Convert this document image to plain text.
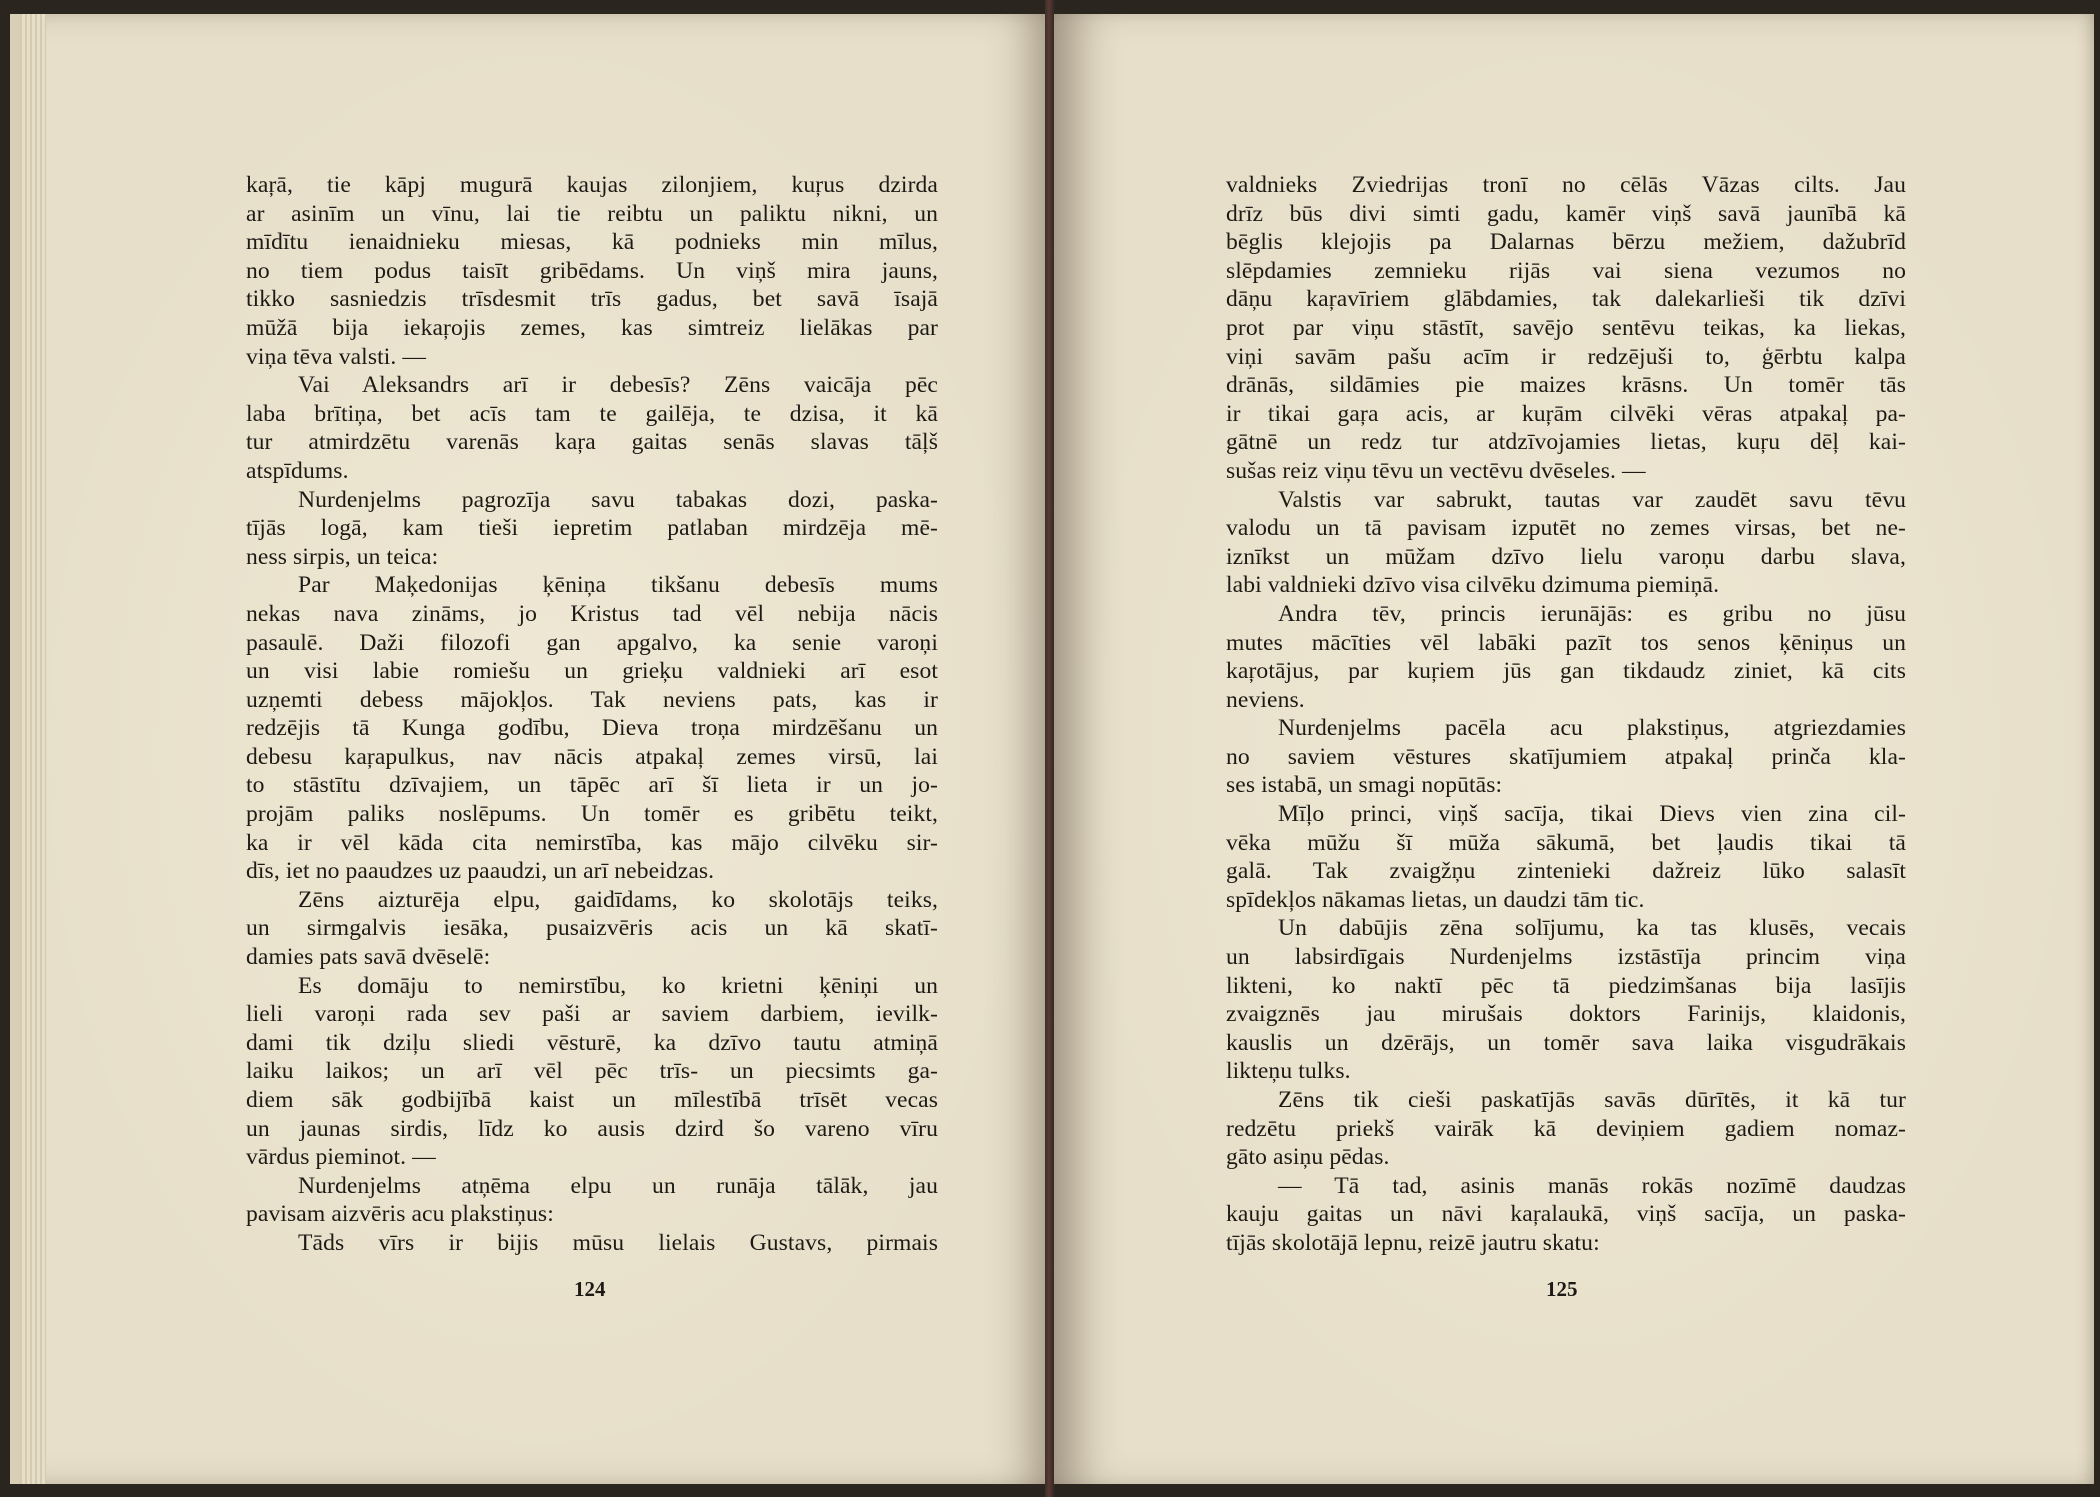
kaŗā, tie kāpj mugurā kaujas zilonjiem, kuŗus dzirda
ar asinīm un vīnu, lai tie reibtu un paliktu nikni, un
mīdītu ienaidnieku miesas, kā podnieks min mīlus,
no tiem podus taisīt gribēdams. Un viņš mira jauns,
tikko sasniedzis trīsdesmit trīs gadus, bet savā īsajā
mūžā bija iekaŗojis zemes, kas simtreiz lielākas par
viņa tēva valsti. —
Vai Aleksandrs arī ir debesīs? Zēns vaicāja pēc
laba brītiņa, bet acīs tam te gailēja, te dzisa, it kā
tur atmirdzētu varenās kaŗa gaitas senās slavas tāļš
atspīdums.
Nurdenjelms pagrozīja savu tabakas dozi, paska-
tījās logā, kam tieši iepretim patlaban mirdzēja mē-
ness sirpis, un teica:
Par Maķedonijas ķēniņa tikšanu debesīs mums
nekas nava zināms, jo Kristus tad vēl nebija nācis
pasaulē. Daži filozofi gan apgalvo, ka senie varoņi
un visi labie romiešu un grieķu valdnieki arī esot
uzņemti debess mājokļos. Tak neviens pats, kas ir
redzējis tā Kunga godību, Dieva troņa mirdzēšanu un
debesu kaŗapulkus, nav nācis atpakaļ zemes virsū, lai
to stāstītu dzīvajiem, un tāpēc arī šī lieta ir un jo-
projām paliks noslēpums. Un tomēr es gribētu teikt,
ka ir vēl kāda cita nemirstība, kas mājo cilvēku sir-
dīs, iet no paaudzes uz paaudzi, un arī nebeidzas.
Zēns aizturēja elpu, gaidīdams, ko skolotājs teiks,
un sirmgalvis iesāka, pusaizvēris acis un kā skatī-
damies pats savā dvēselē:
Es domāju to nemirstību, ko krietni ķēniņi un
lieli varoņi rada sev paši ar saviem darbiem, ievilk-
dami tik dziļu sliedi vēsturē, ka dzīvo tautu atmiņā
laiku laikos; un arī vēl pēc trīs- un piecsimts ga-
diem sāk godbijībā kaist un mīlestībā trīsēt vecas
un jaunas sirdis, līdz ko ausis dzird šo vareno vīru
vārdus pieminot. —
Nurdenjelms atņēma elpu un runāja tālāk, jau
pavisam aizvēris acu plakstiņus:
Tāds vīrs ir bijis mūsu lielais Gustavs, pirmais
124
valdnieks Zviedrijas tronī no cēlās Vāzas cilts. Jau
drīz būs divi simti gadu, kamēr viņš savā jaunībā kā
bēglis klejojis pa Dalarnas bērzu mežiem, dažubrīd
slēpdamies zemnieku rijās vai siena vezumos no
dāņu kaŗavīriem glābdamies, tak dalekarlieši tik dzīvi
prot par viņu stāstīt, savējo sentēvu teikas, ka liekas,
viņi savām pašu acīm ir redzējuši to, ģērbtu kalpa
drānās, sildāmies pie maizes krāsns. Un tomēr tās
ir tikai gaŗa acis, ar kuŗām cilvēki vēras atpakaļ pa-
gātnē un redz tur atdzīvojamies lietas, kuŗu dēļ kai-
sušas reiz viņu tēvu un vectēvu dvēseles. —
Valstis var sabrukt, tautas var zaudēt savu tēvu
valodu un tā pavisam izputēt no zemes virsas, bet ne-
iznīkst un mūžam dzīvo lielu varoņu darbu slava,
labi valdnieki dzīvo visa cilvēku dzimuma piemiņā.
Andra tēv, princis ierunājās: es gribu no jūsu
mutes mācīties vēl labāki pazīt tos senos ķēniņus un
kaŗotājus, par kuŗiem jūs gan tikdaudz ziniet, kā cits
neviens.
Nurdenjelms pacēla acu plakstiņus, atgriezdamies
no saviem vēstures skatījumiem atpakaļ prinča kla-
ses istabā, un smagi nopūtās:
Mīļo princi, viņš sacīja, tikai Dievs vien zina cil-
vēka mūžu šī mūža sākumā, bet ļaudis tikai tā
galā. Tak zvaigžņu zintenieki dažreiz lūko salasīt
spīdekļos nākamas lietas, un daudzi tām tic.
Un dabūjis zēna solījumu, ka tas klusēs, vecais
un labsirdīgais Nurdenjelms izstāstīja princim viņa
likteni, ko naktī pēc tā piedzimšanas bija lasījis
zvaigznēs jau mirušais doktors Farinijs, klaidonis,
kauslis un dzērājs, un tomēr sava laika visgudrākais
likteņu tulks.
Zēns tik cieši paskatījās savās dūrītēs, it kā tur
redzētu priekš vairāk kā deviņiem gadiem nomaz-
gāto asiņu pēdas.
— Tā tad, asinis manās rokās nozīmē daudzas
kauju gaitas un nāvi kaŗalaukā, viņš sacīja, un paska-
tījās skolotājā lepnu, reizē jautru skatu:
125
